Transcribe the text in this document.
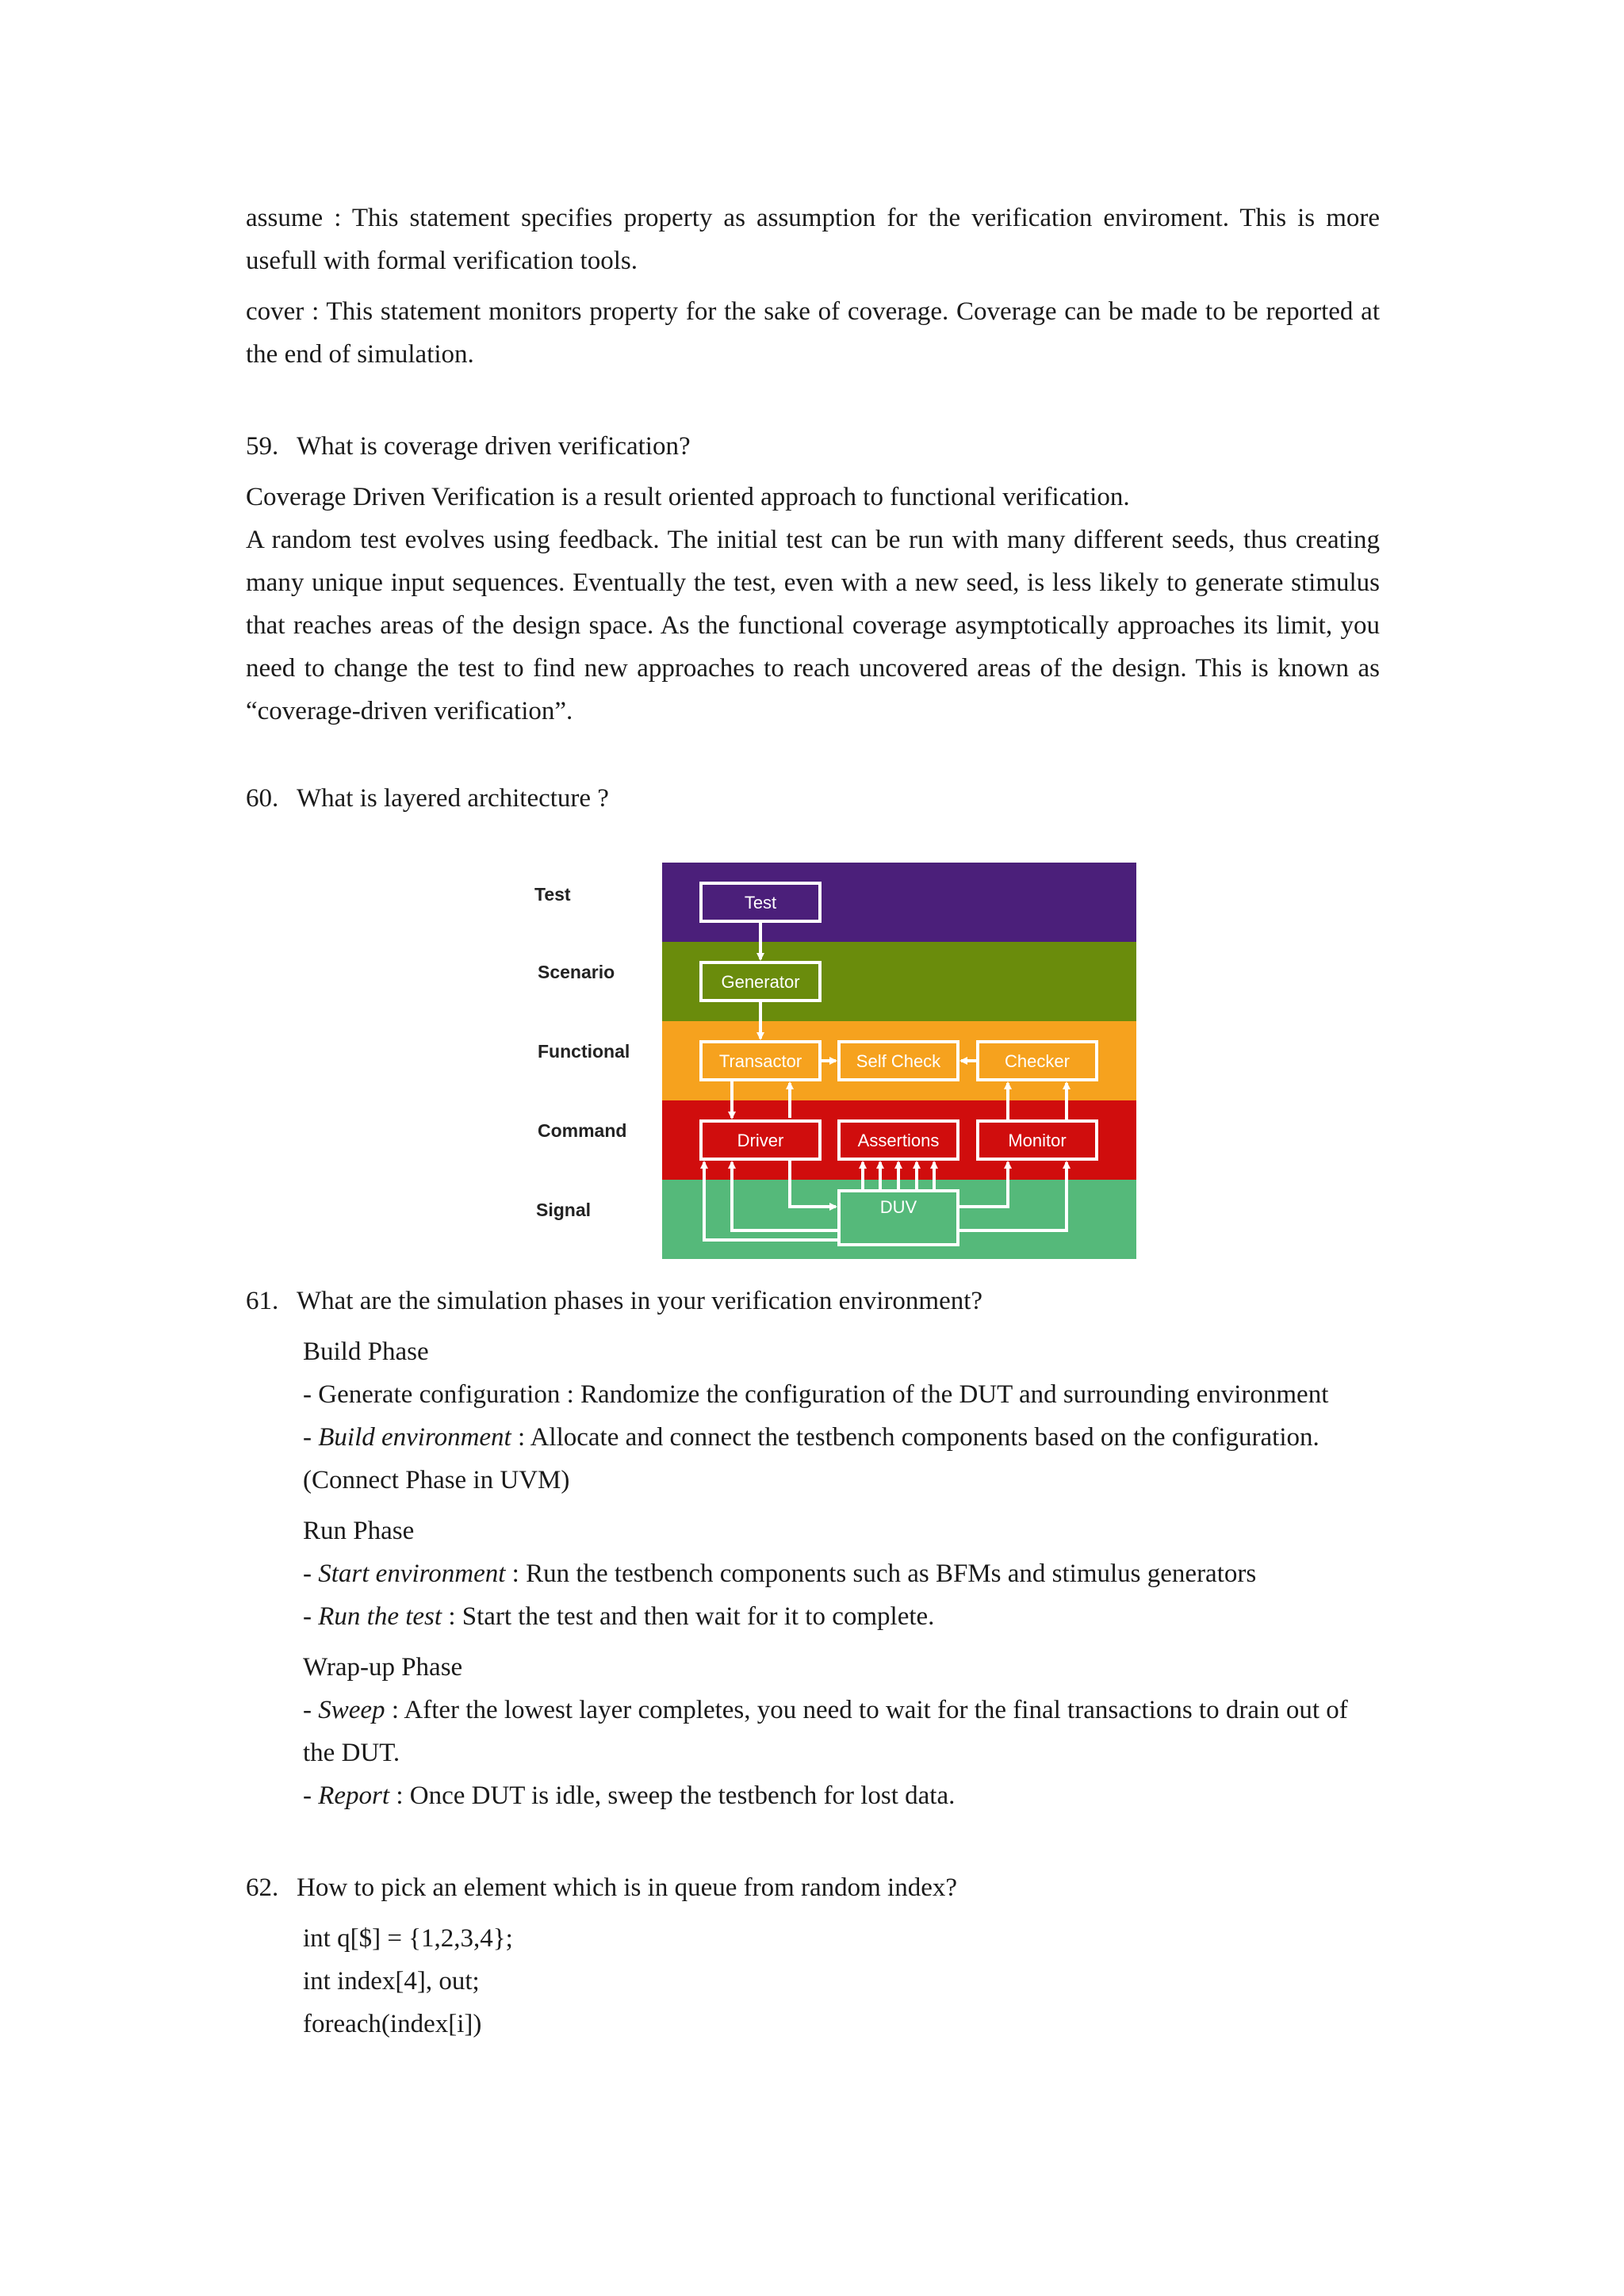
assume : This statement specifies property as assumption for the verification enviroment. This is more usefull with formal verification tools.

cover : This statement monitors property for the sake of coverage. Coverage can be made to be reported at the end of simulation.

59. What is coverage driven verification?

Coverage Driven Verification is a result oriented approach to functional verification.

A random test evolves using feedback. The initial test can be run with many different seeds, thus creating many unique input sequences. Eventually the test, even with a new seed, is less likely to generate stimulus that reaches areas of the design space. As the functional coverage asymptotically approaches its limit, you need to change the test to find new approaches to reach uncovered areas of the design. This is known as “coverage-driven verification”.

60. What is layered architecture ?
Test
Scenario
Functional
Command
Signal
Test
Generator
Transactor	Self Check	Checker
Driver	Assertions	Monitor
DUV
61. What are the simulation phases in your verification environment?

Build Phase

- Generate configuration : Randomize the configuration of the DUT and surrounding environment

- Build environment : Allocate and connect the testbench components based on the configuration.

(Connect Phase in UVM)

Run Phase

- Start environment : Run the testbench components such as BFMs and stimulus generators

- Run the test : Start the test and then wait for it to complete.

Wrap-up Phase

- Sweep : After the lowest layer completes, you need to wait for the final transactions to drain out of the DUT.

- Report : Once DUT is idle, sweep the testbench for lost data.

62. How to pick an element which is in queue from random index?

int q[$] = {1,2,3,4};

int index[4], out;

foreach(index[i])
